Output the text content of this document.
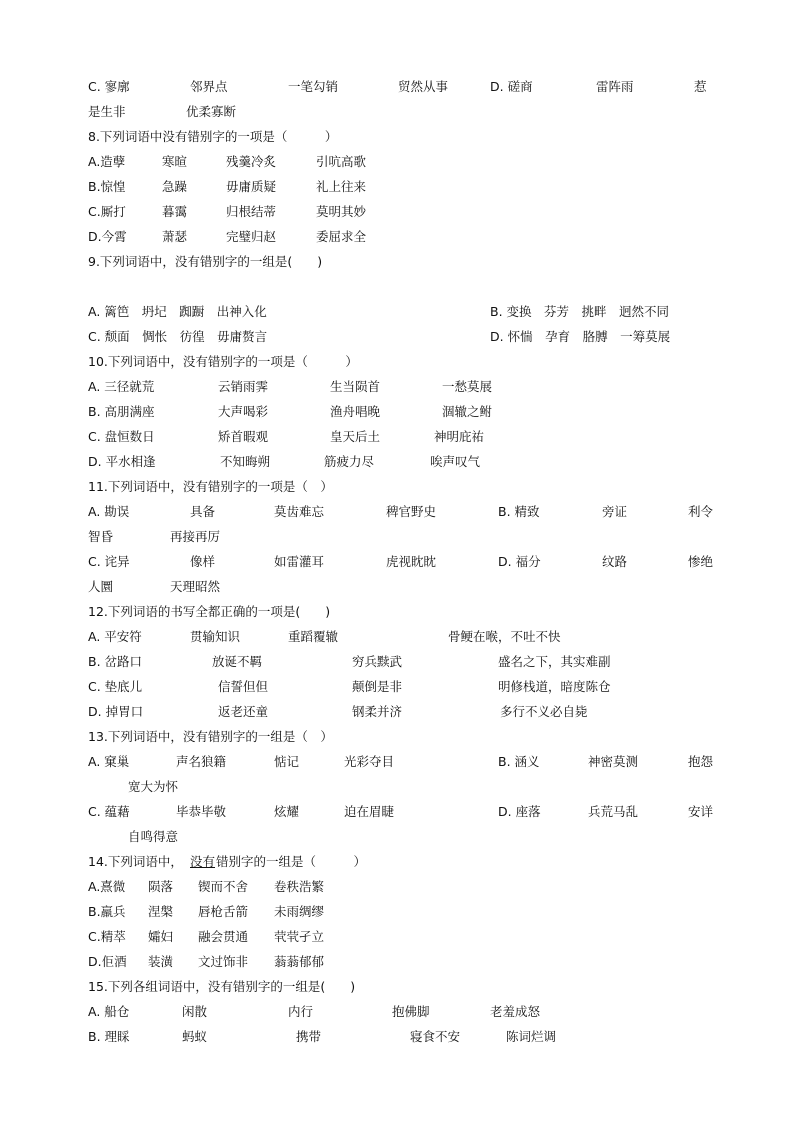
C. 寥廓	邻界点	一笔勾销	贸然从事	D. 磋商	雷阵雨	惹
是生非	优柔寡断
8.下列词语中没有错别字的一项是（　　　）
A.造孽	寒暄	残羹冷炙	引吭高歌
B.惊惶	急躁	毋庸质疑	礼上往来
C.厮打	暮霭	归根结蒂	莫明其妙
D.今霄	萧瑟	完璧归赵	委屈求全
9.下列词语中，没有错别字的一组是(　　)
A. 篱笆　坍圮　踟蹰　出神入化	B. 变换　芬芳　挑畔　迥然不同
C. 颓面　惆怅　彷徨　毋庸赘言	D. 怀惴　孕育　胳膊　一筹莫展
10.下列词语中，没有错别字的一项是（　　　）
A. 三径就荒	云销雨霁	生当陨首	一愁莫展
B. 高朋满座	大声喝彩	渔舟唱晚	涸辙之鲋
C. 盘恒数日	矫首暇观	皇天后土	神明庇祐
D. 平水相逢	不知晦朔	筋疲力尽	唉声叹气
11.下列词语中，没有错别字的一项是（　）
A. 勘误	具备	莫齿难忘	稗官野史	B. 精致	旁证	利令
智昏	再接再厉
C. 诧异	像样	如雷灌耳	虎视眈眈	D. 福分	纹路	惨绝
人圜	天理昭然
12.下列词语的书写全都正确的一项是(　　)
A. 平安符	贯输知识	重蹈覆辙	骨鲠在喉，不吐不快
B. 岔路口	放诞不羁	穷兵黩武	盛名之下，其实难副
C. 垫底儿	信誓但但	颠倒是非	明修栈道，暗度陈仓
D. 掉胃口	返老还童	钢柔并济	多行不义必自毙
13.下列词语中，没有错别字的一组是（　）
A. 窠巢	声名狼籍	惦记	光彩夺目	B. 涵义	神密莫测	抱怨
宽大为怀
C. 蕴藉	毕恭毕敬	炫耀	迫在眉睫	D. 座落	兵荒马乱	安详
自鸣得意
14.下列词语中， 没有 错别字的一组是（　　　）
A.熹微 陨落 锲而不舍 卷秩浩繁
B.羸兵 涅槃 唇枪舌箭 未雨绸缪
C.精萃 孀妇 融会贯通 茕茕孑立
D.佢酒 装潢 文过饰非 蓊蓊郁郁
15.下列各组词语中，没有错别字的一组是(　　)
A. 船仓	闲散	内行	抱佛脚	老羞成怒
B. 理睬	蚂蚁	携带	寝食不安	陈词烂调
